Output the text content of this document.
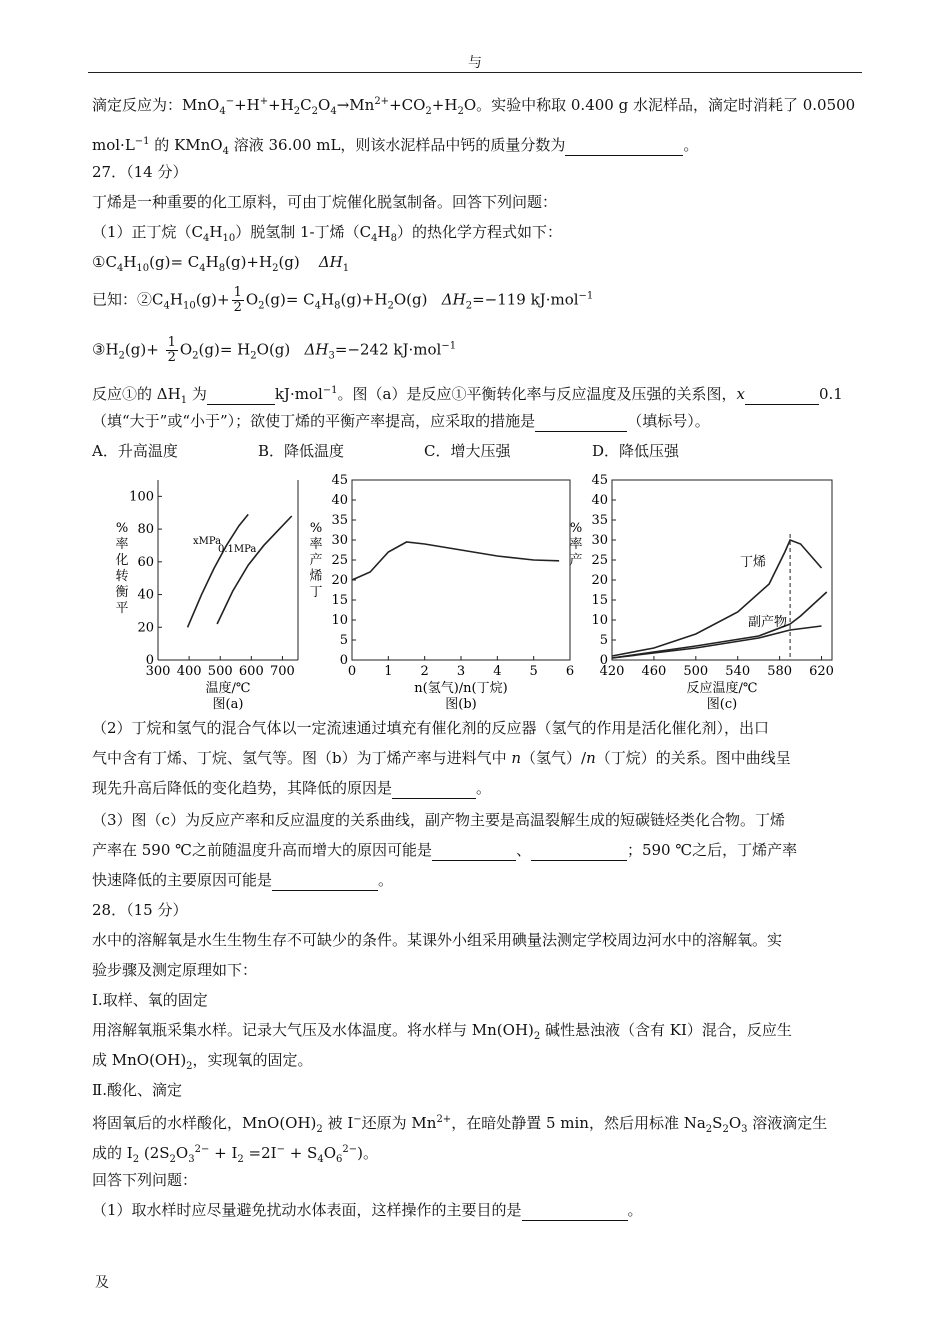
与
滴定反应为：$MnO_4^-+H^++H_2C_2O_4\to Mn^{2+}+CO_2+H_2O$。实验中称取 0.400 g 水泥样品，滴定时消耗了 0.0500
$mol\cdot L^{-1}$ 的 KMnO$_4$ 溶液 36.00 mL，则该水泥样品中钙的质量分数为	。
27．（14 分）
丁烯是一种重要的化工原料，可由丁烷催化脱氢制备。回答下列问题：
（1）正丁烷$(C_4H_{10})$脱氢制 1-丁烯$(C_4H_8)$的热化学方程式如下：
$①C_4H_{10}(g)= C_4H_8(g)+H_2(g)$ $\Delta H_1$
已知：$②C_4H_{10}(g)+ \frac{1}{2} O_2(g)= C_4H_8(g)+H_2O(g)$ $\Delta H_2=-119$ kJ·mol$^{-1}$
$③H_2(g)+ \frac{1}{2} O_2(g)= H_2O(g)$ $\Delta H_3=-242$ kJ·mol$^{-1}$
反应①的 $\Delta H_1$ 为	kJ·mol$^{-1}$。图（a）是反应①平衡转化率与反应温度及压强的关系图，x	0.1
（填“大于”或“小于”）；欲使丁烯的平衡产率提高，应采取的措施是	（填标号）。
A．升高温度	B．降低温度	C．增大压强	D．降低压强
300 400 500 600 700
0
20
40
60
80
100
温度/℃
图(a)
%
率
化
转
衡
平
0 1 2 3 4 5 6
0
5
10
15
20
25
30
35
40
45
n(氢气)/n(丁烷)
图(b)
%
率
产
烯
丁
420 460 500 540 580 620
0
5
10
15
20
25
30
35
40
45
反应温度/℃
图(c)
%
率
产
xMPa
0.1MPa
丁烯
副产物
（2）丁烷和氢气的混合气体以一定流速通过填充有催化剂的反应器（氢气的作用是活化催化剂），出口
气中含有丁烯、丁烷、氢气等。图（b）为丁烯产率与进料气中 n（氢气）/n（丁烷）的关系。图中曲线呈
现先升高后降低的变化趋势，其降低的原因是	。
（3）图（c）为反应产率和反应温度的关系曲线，副产物主要是高温裂解生成的短碳链烃类化合物。丁烯
产率在 590 ℃之前随温度升高而增大的原因可能是	、	；590 ℃之后，丁烯产率
快速降低的主要原因可能是	。
28．（15 分）
水中的溶解氧是水生生物生存不可缺少的条件。某课外小组采用碘量法测定学校周边河水中的溶解氧。实
验步骤及测定原理如下：
Ⅰ.取样、氧的固定
用溶解氧瓶采集水样。记录大气压及水体温度。将水样与 $Mn(OH)_2$ 碱性悬浊液（含有 KI）混合，反应生
成 $MnO(OH)_2$，实现氧的固定。
Ⅱ.酸化、滴定
将固氧后的水样酸化，$MnO(OH)_2$ 被 I−还原为 $Mn^{2+}$，在暗处静置 5 min，然后用标准 $Na_2S_2O_3$ 溶液滴定生
成的 $I_2$ $(2S_2O_3^{2-} + I_2 =2I^- + S_4O_6^{2-})$。
回答下列问题：
（1）取水样时应尽量避免扰动水体表面，这样操作的主要目的是	。
及
